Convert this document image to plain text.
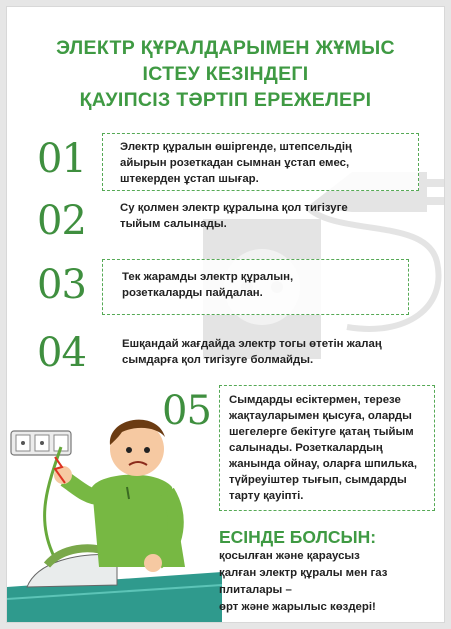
ЭЛЕКТР ҚҰРАЛДАРЫМЕН ЖҰМЫС
ІСТЕУ КЕЗІНДЕГІ
ҚАУІПСІЗ ТӘРТІП ЕРЕЖЕЛЕРІ
01	Электр құралын өшіргенде, штепсельдің
айырын розеткадан сымнан ұстап емес,
штекерден ұстап шығар.
02	Су қолмен электр құралына қол тигізуге
тыйым салынады.
03	Тек жарамды электр құралын,
розеткаларды пайдалан.
04	Ешқандай жағдайда электр тогы өтетін жалаң
сымдарға қол тигізуге болмайды.
05 Сымдарды есіктермен, терезе
жақтауларымен қысуға, оларды
шегелерге бекітуге қатаң тыйым
салынады. Розеткалардың
жанында ойнау, оларға шпилька,
түйреуіштер тығып, сымдарды
тарту қауіпті.
ЕСІНДЕ БОЛСЫН:
қосылған және қараусыз
қалған электр құралы мен газ
плиталары –
өрт және жарылыс көздері!
